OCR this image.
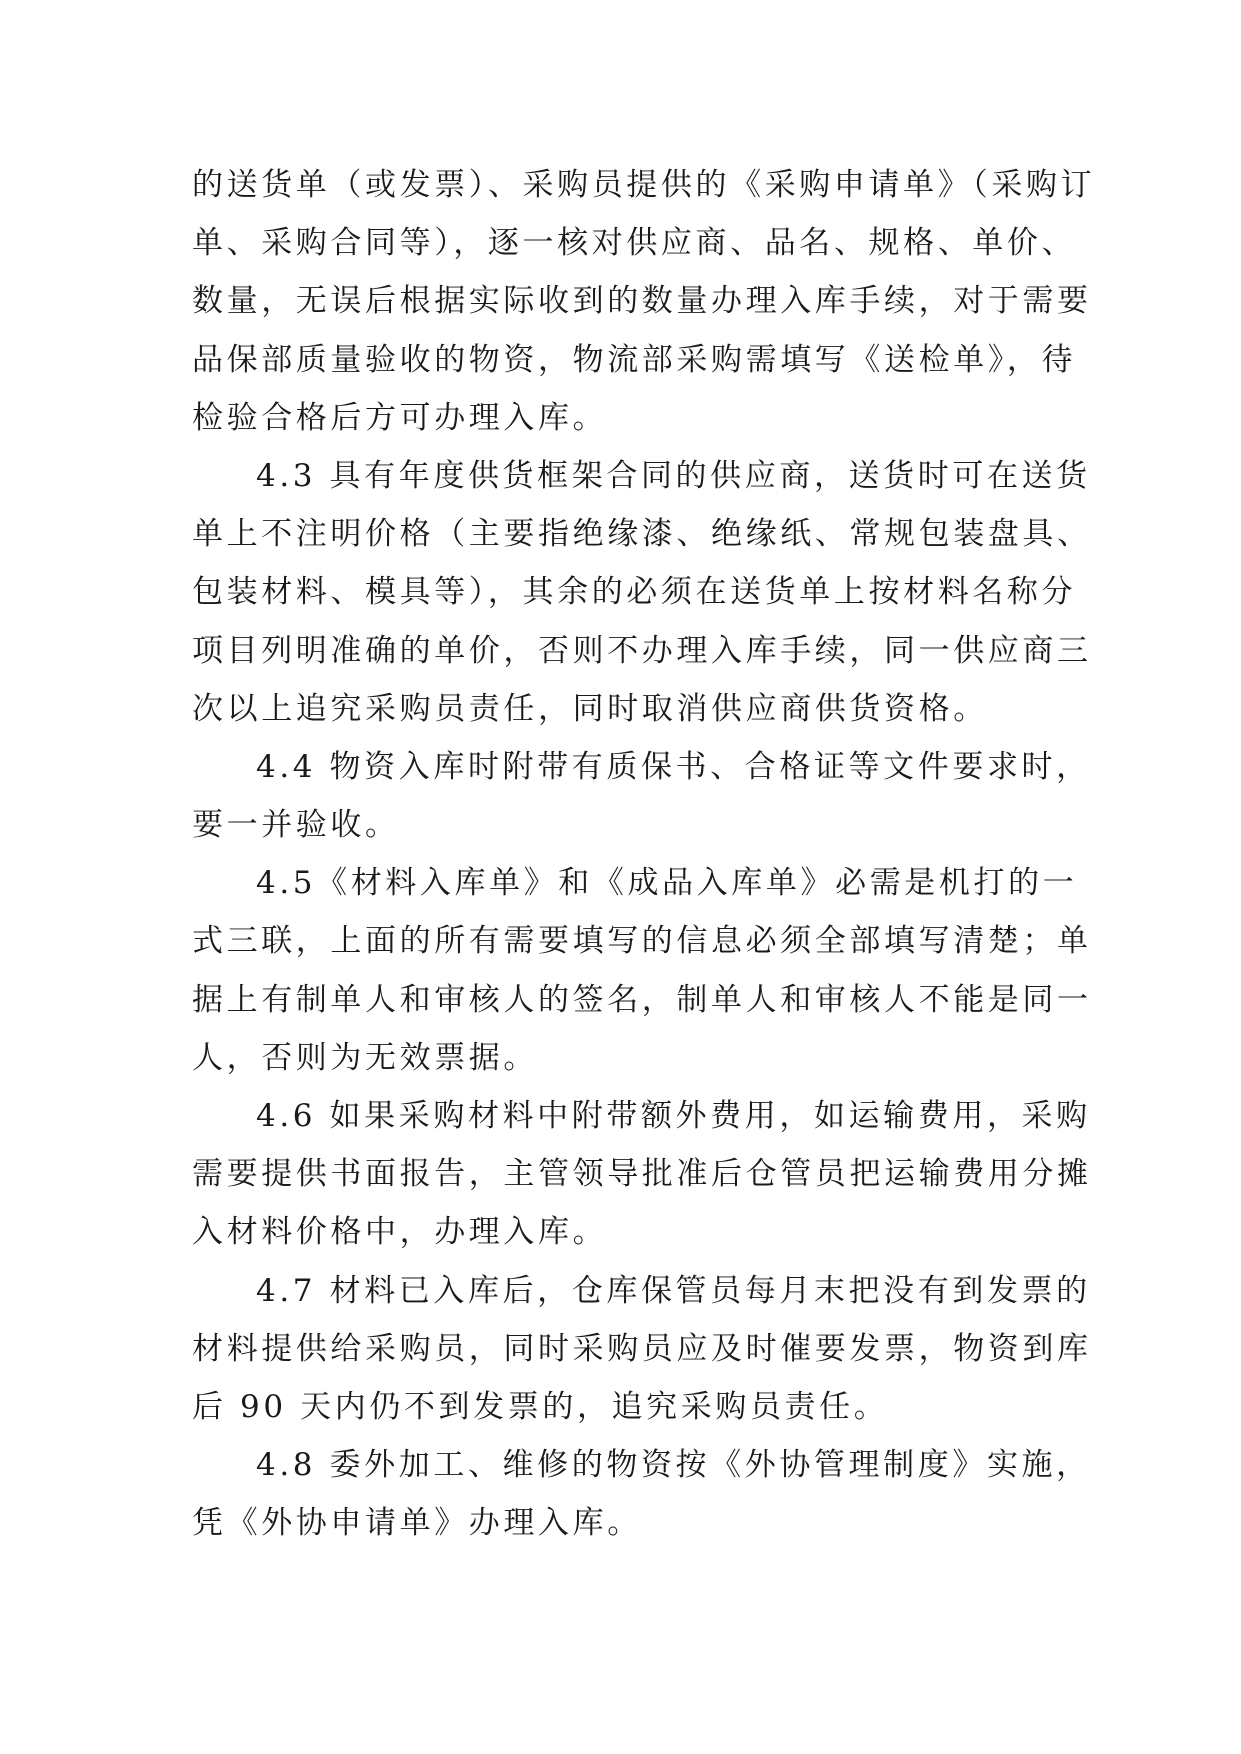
的送货单（或发票）、采购员提供的《采购申请单》（采购订
单、采购合同等），逐一核对供应商、品名、规格、单价、
数量，无误后根据实际收到的数量办理入库手续，对于需要
品保部质量验收的物资，物流部采购需填写《送检单》，待
检验合格后方可办理入库。
4.3 具有年度供货框架合同的供应商，送货时可在送货
单上不注明价格（主要指绝缘漆、绝缘纸、常规包装盘具、
包装材料、模具等），其余的必须在送货单上按材料名称分
项目列明准确的单价，否则不办理入库手续，同一供应商三
次以上追究采购员责任，同时取消供应商供货资格。
4.4 物资入库时附带有质保书、合格证等文件要求时，
要一并验收。
4.5《材料入库单》和《成品入库单》必需是机打的一
式三联，上面的所有需要填写的信息必须全部填写清楚；单
据上有制单人和审核人的签名，制单人和审核人不能是同一
人，否则为无效票据。
4.6 如果采购材料中附带额外费用，如运输费用，采购
需要提供书面报告，主管领导批准后仓管员把运输费用分摊
入材料价格中，办理入库。
4.7 材料已入库后，仓库保管员每月末把没有到发票的
材料提供给采购员，同时采购员应及时催要发票，物资到库
后 90 天内仍不到发票的，追究采购员责任。
4.8 委外加工、维修的物资按《外协管理制度》实施，
凭《外协申请单》办理入库。
